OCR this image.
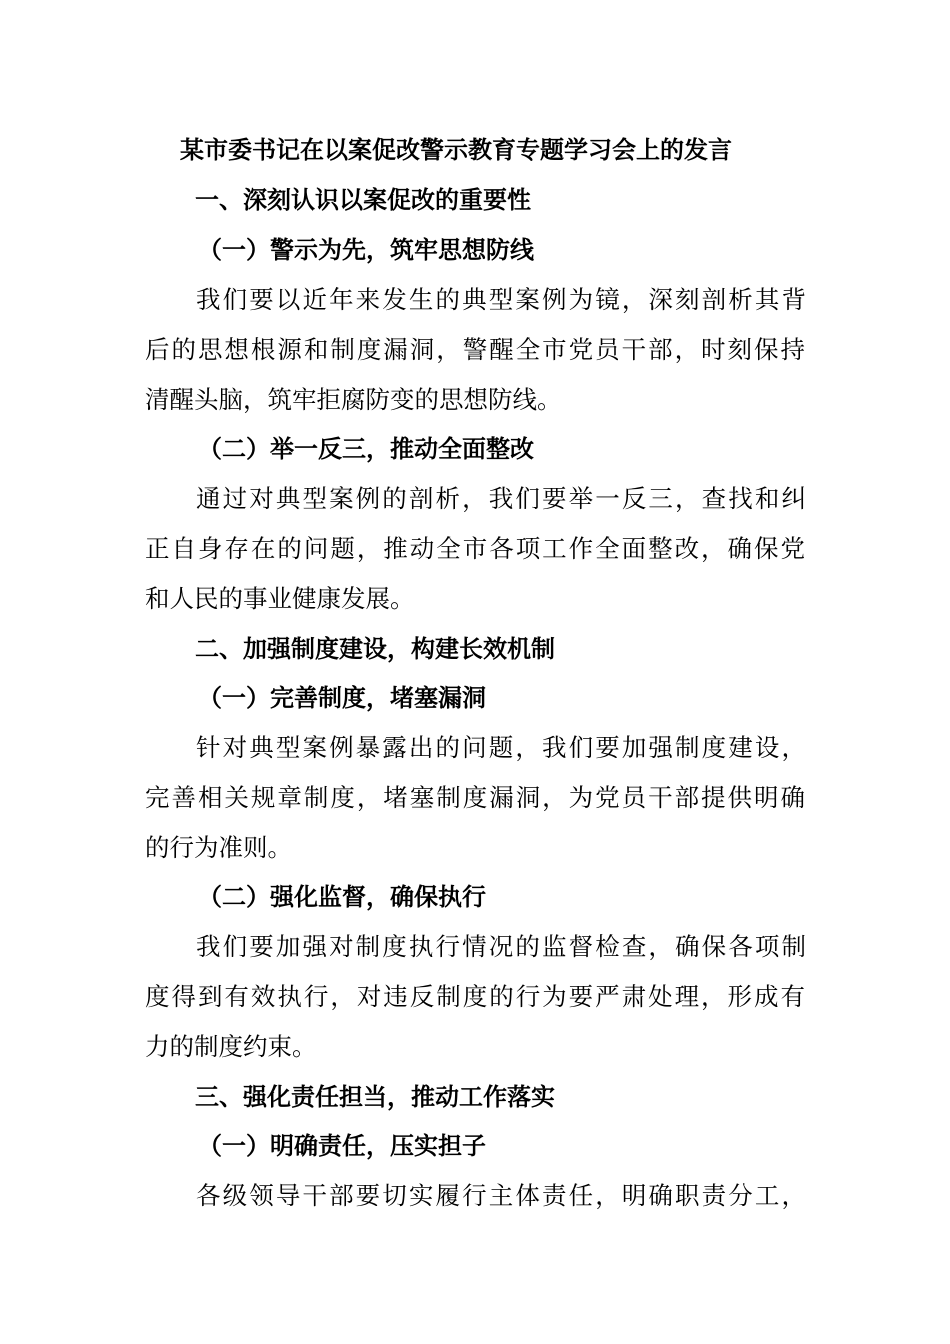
某市委书记在以案促改警示教育专题学习会上的发言
一、深刻认识以案促改的重要性
（一）警示为先，筑牢思想防线
我们要以近年来发生的典型案例为镜，深刻剖析其背
后的思想根源和制度漏洞，警醒全市党员干部，时刻保持
清醒头脑，筑牢拒腐防变的思想防线。
（二）举一反三，推动全面整改
通过对典型案例的剖析，我们要举一反三，查找和纠
正自身存在的问题，推动全市各项工作全面整改，确保党
和人民的事业健康发展。
二、加强制度建设，构建长效机制
（一）完善制度，堵塞漏洞
针对典型案例暴露出的问题，我们要加强制度建设，
完善相关规章制度，堵塞制度漏洞，为党员干部提供明确
的行为准则。
（二）强化监督，确保执行
我们要加强对制度执行情况的监督检查，确保各项制
度得到有效执行，对违反制度的行为要严肃处理，形成有
力的制度约束。
三、强化责任担当，推动工作落实
（一）明确责任，压实担子
各级领导干部要切实履行主体责任，明确职责分工，
